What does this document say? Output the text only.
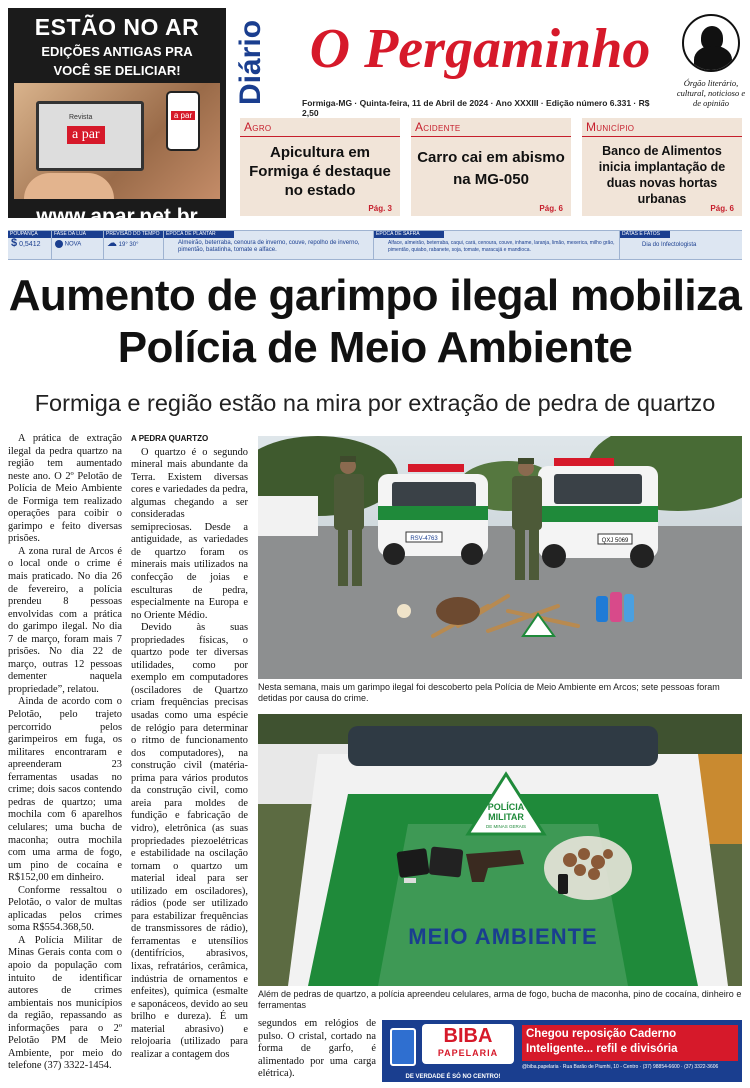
ESTÃO NO AR
EDIÇÕES ANTIGAS PRA
VOCÊ SE DELICIAR!
Revista
a par
a par
www.apar.net.br
Diário O Pergaminho
Órgão literário, cultural, noticioso e de opinião
Formiga-MG · Quinta-feira, 11 de Abril de 2024 · Ano XXXIII · Edição número 6.331 · R$ 2,50
Agro
Apicultura em Formiga é destaque no estado
Pág. 3
Acidente
Carro cai em abismo na MG-050
Pág. 6
Município
Banco de Alimentos inicia implantação de duas novas hortas urbanas
Pág. 6
POUPANÇA
$ 0,5412
FASE DA LUA
NOVA
PREVISÃO DO TEMPO
☁ 19° 30°
ÉPOCA DE PLANTAR
Almeirão, beterraba, cenoura de inverno, couve, repolho de inverno, pimentão, batatinha, tomate e alface.
ÉPOCA DE SAFRA
Alface, almeirão, beterraba, caqui, cará, cenoura, couve, inhame, laranja, limão, mexerica, milho grão, pimentão, quiabo, rabanete, soja, tomate, maracujá e mandioca.
DATAS E FATOS
Dia do Infectologista
Aumento de garimpo ilegal mobiliza
Polícia de Meio Ambiente
Formiga e região estão na mira por extração de pedra de quartzo

A prática de extração ilegal da pedra quartzo na região tem aumentado neste ano. O 2º Pelotão de Polícia de Meio Ambiente de Formiga tem realizado operações para coibir o garimpo e feito diversas prisões.

A zona rural de Arcos é o local onde o crime é mais praticado. No dia 26 de fevereiro, a polícia prendeu 8 pessoas envolvidas com a prática do garimpo ilegal. No dia 7 de março, foram mais 7 prisões. No dia 22 de março, outras 12 pessoas dementer naquela propriedade”, relatou.

Ainda de acordo com o Pelotão, pelo trajeto percorrido pelos garimpeiros em fuga, os militares encontraram e apreenderam 23 ferramentas usadas no crime; dois sacos contendo pedras de quartzo; uma mochila com 6 aparelhos celulares; uma bucha de maconha; outra mochila com uma arma de fogo, um pino de cocaína e R$152,00 em dinheiro.

Conforme ressaltou o Pelotão, o valor de multas aplicadas pelos crimes soma R$554.368,50.

A Polícia Militar de Minas Gerais conta com o apoio da população com intuito de identificar autores de crimes ambientais nos municípios da região, repassando as informações para o 2º Pelotão PM de Meio Ambiente, por meio do telefone (37) 3322-1454.

A PEDRA QUARTZO

O quartzo é o segundo mineral mais abundante da Terra. Existem diversas cores e variedades da pedra, algumas chegando a ser consideradas semipreciosas. Desde a antiguidade, as variedades de quartzo foram os minerais mais utilizados na confecção de joias e esculturas de pedra, especialmente na Europa e no Oriente Médio.

Devido às suas propriedades físicas, o quartzo pode ter diversas utilidades, como por exemplo em computadores (osciladores de Quartzo criam frequências precisas usadas como uma espécie de relógio para determinar o ritmo de funcionamento dos computadores), na construção civil (matéria-prima para vários produtos da construção civil, como areia para moldes de fundição e fabricação de vidro), eletrônica (as suas propriedades piezoelétricas e estabilidade na oscilação tornam o quartzo um material ideal para ser utilizado em osciladores), rádios (pode ser utilizado para estabilizar frequências de transmissores de rádio), ferramentas e utensílios (dentifrícios, abrasivos, lixas, refratários, cerâmica, indústria de ornamentos e enfeites), química (esmalte e saponáceos, devido ao seu brilho e dureza). É um material abrasivo) e relojoaria (utilizado para realizar a contagem dos

segundos em relógios de pulso. O cristal, cortado na forma de garfo, é alimentado por uma carga elétrica).

RSV-4763	QXJ 5069
Nesta semana, mais um garimpo ilegal foi descoberto pela Polícia de Meio Ambiente em Arcos; sete pessoas foram detidas por causa do crime.
MEIO AMBIENTE
POLÍCIA
MILITAR
DE MINAS GERAIS
Além de pedras de quartzo, a polícia apreendeu celulares, arma de fogo, bucha de maconha, pino de cocaína, dinheiro e ferramentas
BIBA
PAPELARIA
DE VERDADE É SÓ NO CENTRO!
Chegou reposição Caderno Inteligente... refil e divisória
@biba.papelaria · Rua Barão de Piumhi, 10 - Centro · (37) 98854-6600 · (37) 3322-3606
